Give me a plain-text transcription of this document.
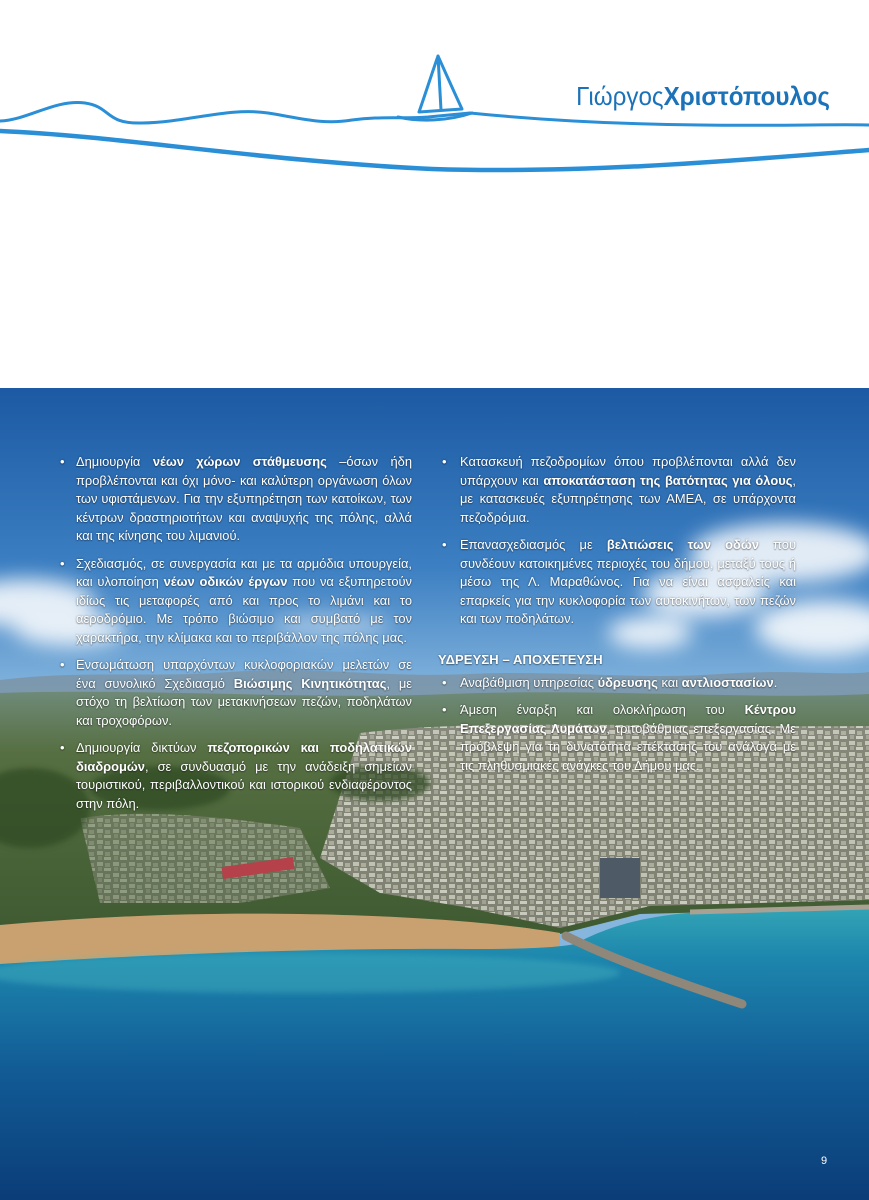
ΓιώργοςΧριστόπουλος
• Δημιουργία νέων χώρων στάθμευσης –όσων ήδη προβλέπονται και όχι μόνο- και καλύτερη οργάνωση όλων των υφιστάμενων. Για την εξυπηρέτηση των κατοίκων, των κέντρων δραστηριοτήτων και αναψυχής της πόλης, αλλά και της κίνησης του λιμανιού.
• Σχεδιασμός, σε συνεργασία και με τα αρμόδια υπουργεία, και υλοποίηση νέων οδικών έργων που να εξυπηρετούν ιδίως τις μεταφορές από και προς το λιμάνι και το αεροδρόμιο. Με τρόπο βιώσιμο και συμβατό με τον χαρακτήρα, την κλίμακα και το περιβάλλον της πόλης μας.
• Ενσωμάτωση υπαρχόντων κυκλοφοριακών μελετών σε ένα συνολικό Σχεδιασμό Βιώσιμης Κινητικότητας, με στόχο τη βελτίωση των μετακινήσεων πεζών, ποδηλάτων και τροχοφόρων.
• Δημιουργία δικτύων πεζοπορικών και ποδηλατικών διαδρομών, σε συνδυασμό με την ανάδειξη σημείων τουριστικού, περιβαλλοντικού και ιστορικού ενδιαφέροντος στην πόλη.
• Κατασκευή πεζοδρομίων όπου προβλέπονται αλλά δεν υπάρχουν και αποκατάσταση της βατότητας για όλους, με κατασκευές εξυπηρέτησης των ΑΜΕΑ, σε υπάρχοντα πεζοδρόμια.
• Επανασχεδιασμός με βελτιώσεις των οδών που συνδέουν κατοικημένες περιοχές του δήμου, μεταξύ τους ή μέσω της Λ. Μαραθώνος. Για να είναι ασφαλείς και επαρκείς για την κυκλοφορία των αυτοκινήτων, των πεζών και των ποδηλάτων.
ΥΔΡΕΥΣΗ – ΑΠΟΧΕΤΕΥΣΗ
• Αναβάθμιση υπηρεσίας ύδρευσης και αντλιοστασίων.
• Άμεση έναρξη και ολοκλήρωση του Κέντρου Επεξεργασίας Λυμάτων, τριτοβάθμιας επεξεργασίας. Με πρόβλεψη για τη δυνατότητα επέκτασης του ανάλογα με τις πληθυσμιακές ανάγκες του Δήμου μας.
9
